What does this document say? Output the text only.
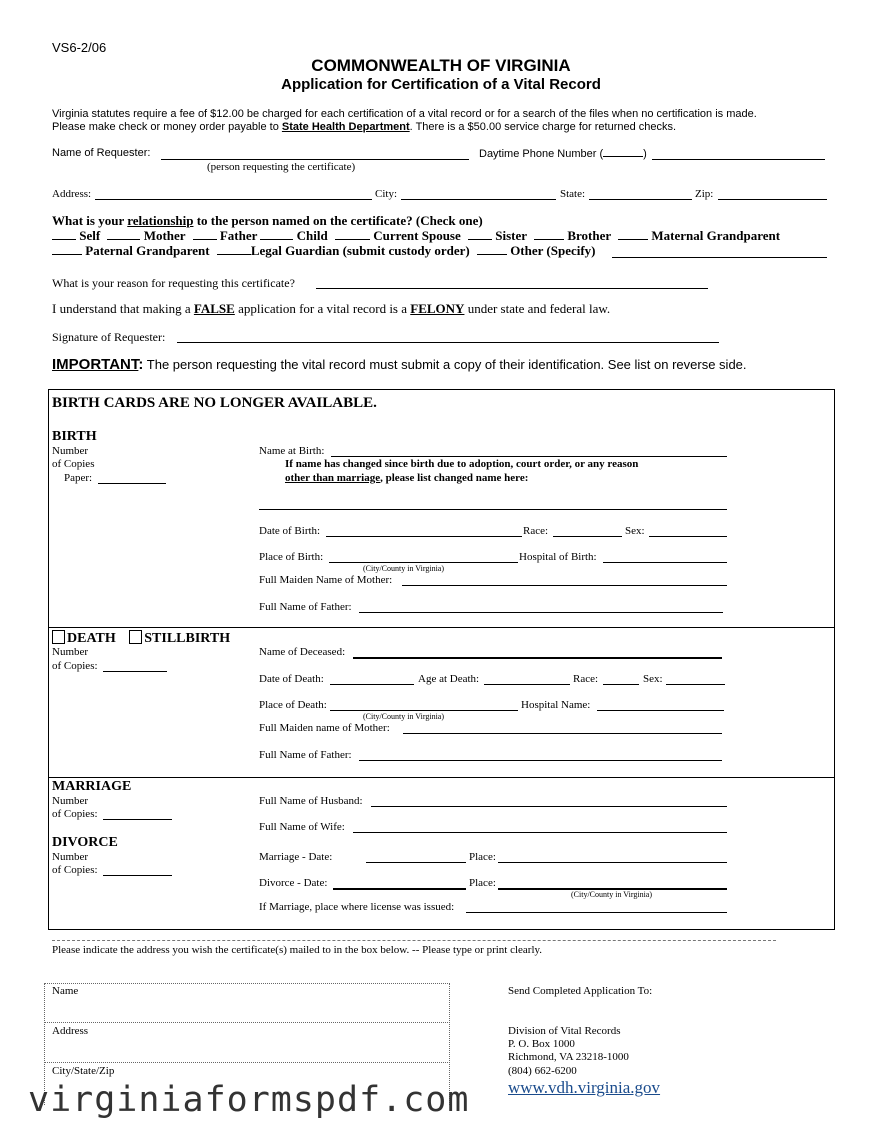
VS6-2/06
COMMONWEALTH OF VIRGINIA
Application for Certification of a Vital Record
Virginia statutes require a fee of $12.00 be charged for each certification of a vital record or for a search of the files when no certification is made.
Please make check or money order payable to State Health Department. There is a $50.00 service charge for returned checks.
Name of Requester:
(person requesting the certificate)
Daytime Phone Number (	)
Address:	City:	State:	Zip:
What is your relationship to the person named on the certificate? (Check one)
Self	Mother	Father	Child	Current Spouse	Sister	Brother	Maternal Grandparent
Paternal Grandparent	Legal Guardian (submit custody order)	Other (Specify)
What is your reason for requesting this certificate?
I understand that making a FALSE application for a vital record is a FELONY under state and federal law.
Signature of Requester:
IMPORTANT: The person requesting the vital record must submit a copy of their identification. See list on reverse side.
BIRTH CARDS ARE NO LONGER AVAILABLE.
BIRTH
Number
of Copies
Paper:
Name at Birth:
If name has changed since birth due to adoption, court order, or any reason
other than marriage, please list changed name here:
Date of Birth:	Race:	Sex:
Place of Birth:	Hospital of Birth:
(City/County in Virginia)
Full Maiden Name of Mother:
Full Name of Father:
DEATH STILLBIRTH
Number
of Copies:
Name of Deceased:
Date of Death:	Age at Death:	Race:	Sex:
Place of Death:	Hospital Name:
(City/County in Virginia)
Full Maiden name of Mother:
Full Name of Father:
MARRIAGE
Number
of Copies:
DIVORCE
Number
of Copies:
Full Name of Husband:
Full Name of Wife:
Marriage - Date:	Place:
Divorce - Date:	Place:
(City/County in Virginia)
If Marriage, place where license was issued:
Please indicate the address you wish the certificate(s) mailed to in the box below. -- Please type or print clearly.
Name
Address
City/State/Zip
Send Completed Application To:
Division of Vital Records
P. O. Box 1000
Richmond, VA 23218-1000
(804) 662-6200
www.vdh.virginia.gov
virginiaformspdf.com
